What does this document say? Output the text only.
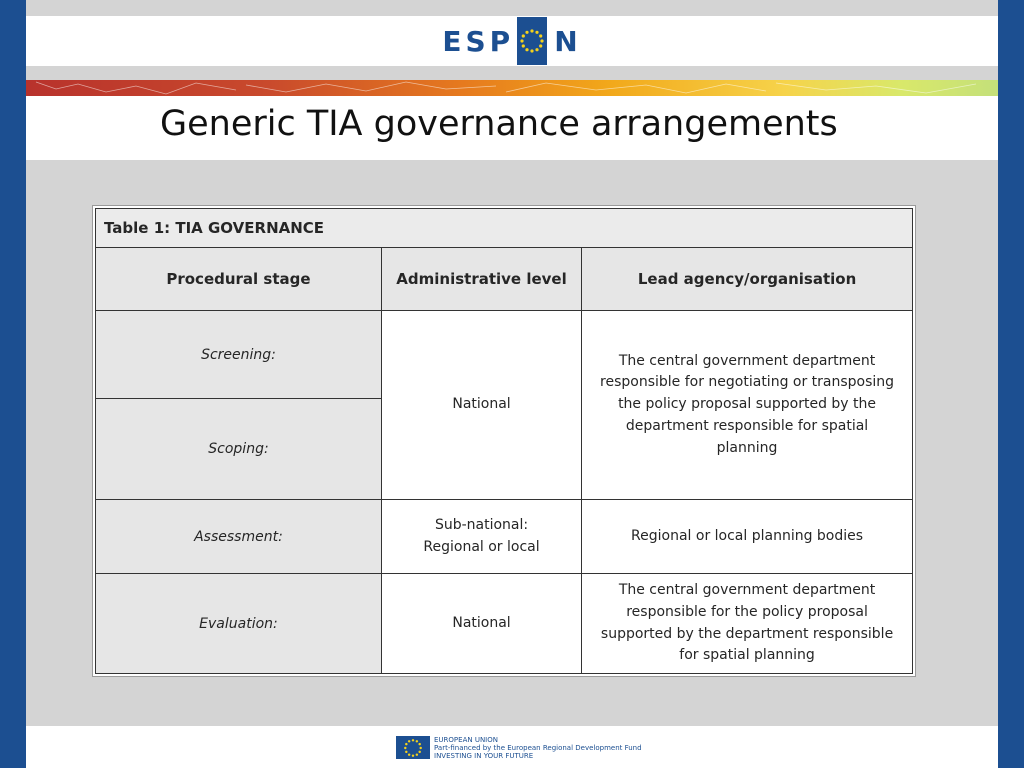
ESP N
Generic TIA governance arrangements
Table 1: TIA GOVERNANCE		
Procedural stage	Administrative level	Lead agency/organisation
Screening:	National	The central government department responsible for negotiating or transposing the policy proposal supported by the department responsible for spatial planning
Scoping:		
Assessment:	Sub-national: Regional or local	Regional or local planning bodies
Evaluation:	National	The central government department responsible for the policy proposal supported by the department responsible for spatial planning
EUROPEAN UNION
Part-financed by the European Regional Development Fund
INVESTING IN YOUR FUTURE
